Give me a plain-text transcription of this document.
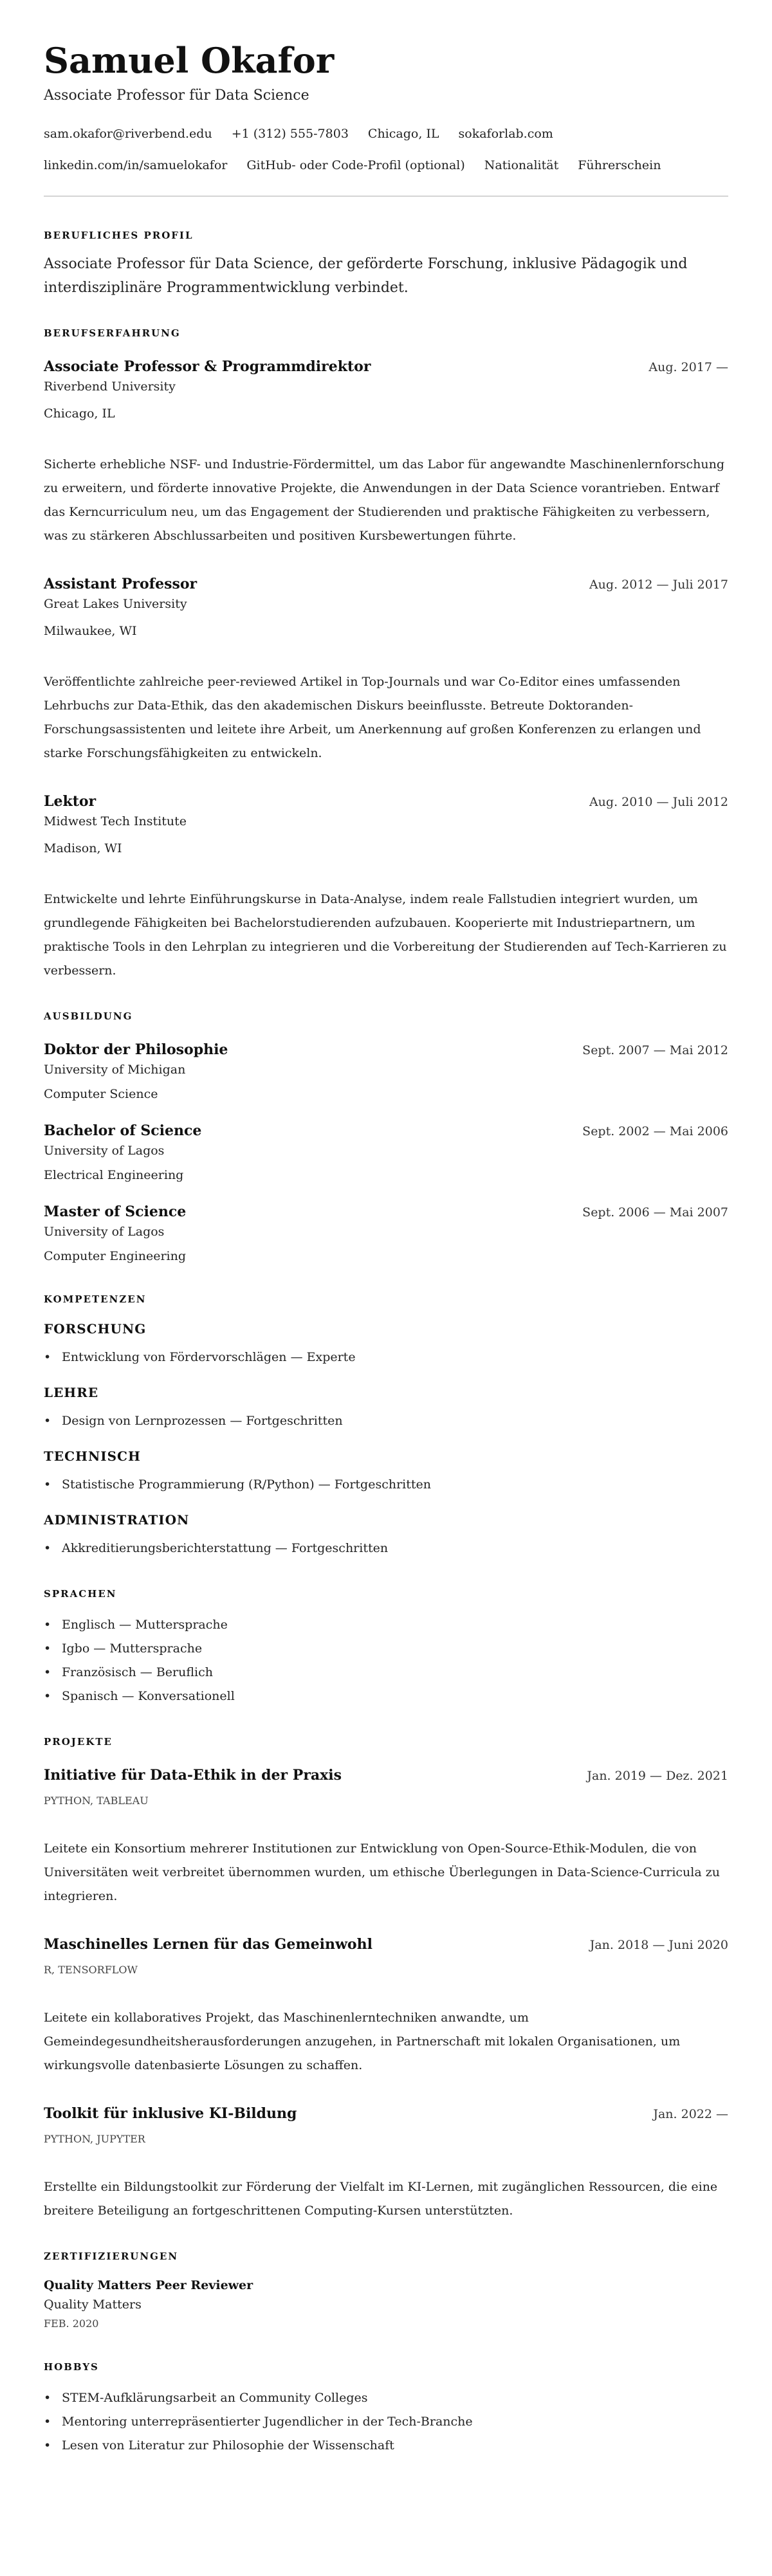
Samuel Okafor
Associate Professor für Data Science
sam.okafor@riverbend.edu +1 (312) 555-7803 Chicago, IL sokaforlab.com
linkedin.com/in/samuelokafor GitHub- oder Code-Profil (optional) Nationalität Führerschein
BERUFLICHES PROFIL

Associate Professor für Data Science, der geförderte Forschung, inklusive Pädagogik und interdisziplinäre Programmentwicklung verbindet.

BERUFSERFAHRUNG
Associate Professor & Programmdirektor	Aug. 2017 —
Riverbend University
Chicago, IL

Sicherte erhebliche NSF- und Industrie-Fördermittel, um das Labor für angewandte Maschinenlernforschung zu erweitern, und förderte innovative Projekte, die Anwendungen in der Data Science vorantrieben. Entwarf das Kerncurriculum neu, um das Engagement der Studierenden und praktische Fähigkeiten zu verbessern, was zu stärkeren Abschlussarbeiten und positiven Kursbewertungen führte.

Assistant Professor	Aug. 2012 — Juli 2017
Great Lakes University
Milwaukee, WI

Veröffentlichte zahlreiche peer-reviewed Artikel in Top-Journals und war Co-Editor eines umfassenden Lehrbuchs zur Data-Ethik, das den akademischen Diskurs beeinflusste. Betreute Doktoranden-Forschungsassistenten und leitete ihre Arbeit, um Anerkennung auf großen Konferenzen zu erlangen und starke Forschungsfähigkeiten zu entwickeln.

Lektor	Aug. 2010 — Juli 2012
Midwest Tech Institute
Madison, WI

Entwickelte und lehrte Einführungskurse in Data-Analyse, indem reale Fallstudien integriert wurden, um grundlegende Fähigkeiten bei Bachelorstudierenden aufzubauen. Kooperierte mit Industriepartnern, um praktische Tools in den Lehrplan zu integrieren und die Vorbereitung der Studierenden auf Tech-Karrieren zu verbessern.

AUSBILDUNG
Doktor der Philosophie	Sept. 2007 — Mai 2012
University of Michigan
Computer Science
Bachelor of Science	Sept. 2002 — Mai 2006
University of Lagos
Electrical Engineering
Master of Science	Sept. 2006 — Mai 2007
University of Lagos
Computer Engineering
KOMPETENZEN
FORSCHUNG
• Entwicklung von Fördervorschlägen — Experte
LEHRE
• Design von Lernprozessen — Fortgeschritten
TECHNISCH
• Statistische Programmierung (R/Python) — Fortgeschritten
ADMINISTRATION
• Akkreditierungsberichterstattung — Fortgeschritten
SPRACHEN
• Englisch — Muttersprache
• Igbo — Muttersprache
• Französisch — Beruflich
• Spanisch — Konversationell
PROJEKTE
Initiative für Data-Ethik in der Praxis	Jan. 2019 — Dez. 2021
PYTHON, TABLEAU

Leitete ein Konsortium mehrerer Institutionen zur Entwicklung von Open-Source-Ethik-Modulen, die von Universitäten weit verbreitet übernommen wurden, um ethische Überlegungen in Data-Science-Curricula zu integrieren.

Maschinelles Lernen für das Gemeinwohl	Jan. 2018 — Juni 2020
R, TENSORFLOW

Leitete ein kollaboratives Projekt, das Maschinenlerntechniken anwandte, um Gemeindegesundheitsherausforderungen anzugehen, in Partnerschaft mit lokalen Organisationen, um wirkungsvolle datenbasierte Lösungen zu schaffen.

Toolkit für inklusive KI-Bildung	Jan. 2022 —
PYTHON, JUPYTER

Erstellte ein Bildungstoolkit zur Förderung der Vielfalt im KI-Lernen, mit zugänglichen Ressourcen, die eine breitere Beteiligung an fortgeschrittenen Computing-Kursen unterstützten.

ZERTIFIZIERUNGEN
Quality Matters Peer Reviewer
Quality Matters
FEB. 2020
HOBBYS
• STEM-Aufklärungsarbeit an Community Colleges
• Mentoring unterrepräsentierter Jugendlicher in der Tech-Branche
• Lesen von Literatur zur Philosophie der Wissenschaft
